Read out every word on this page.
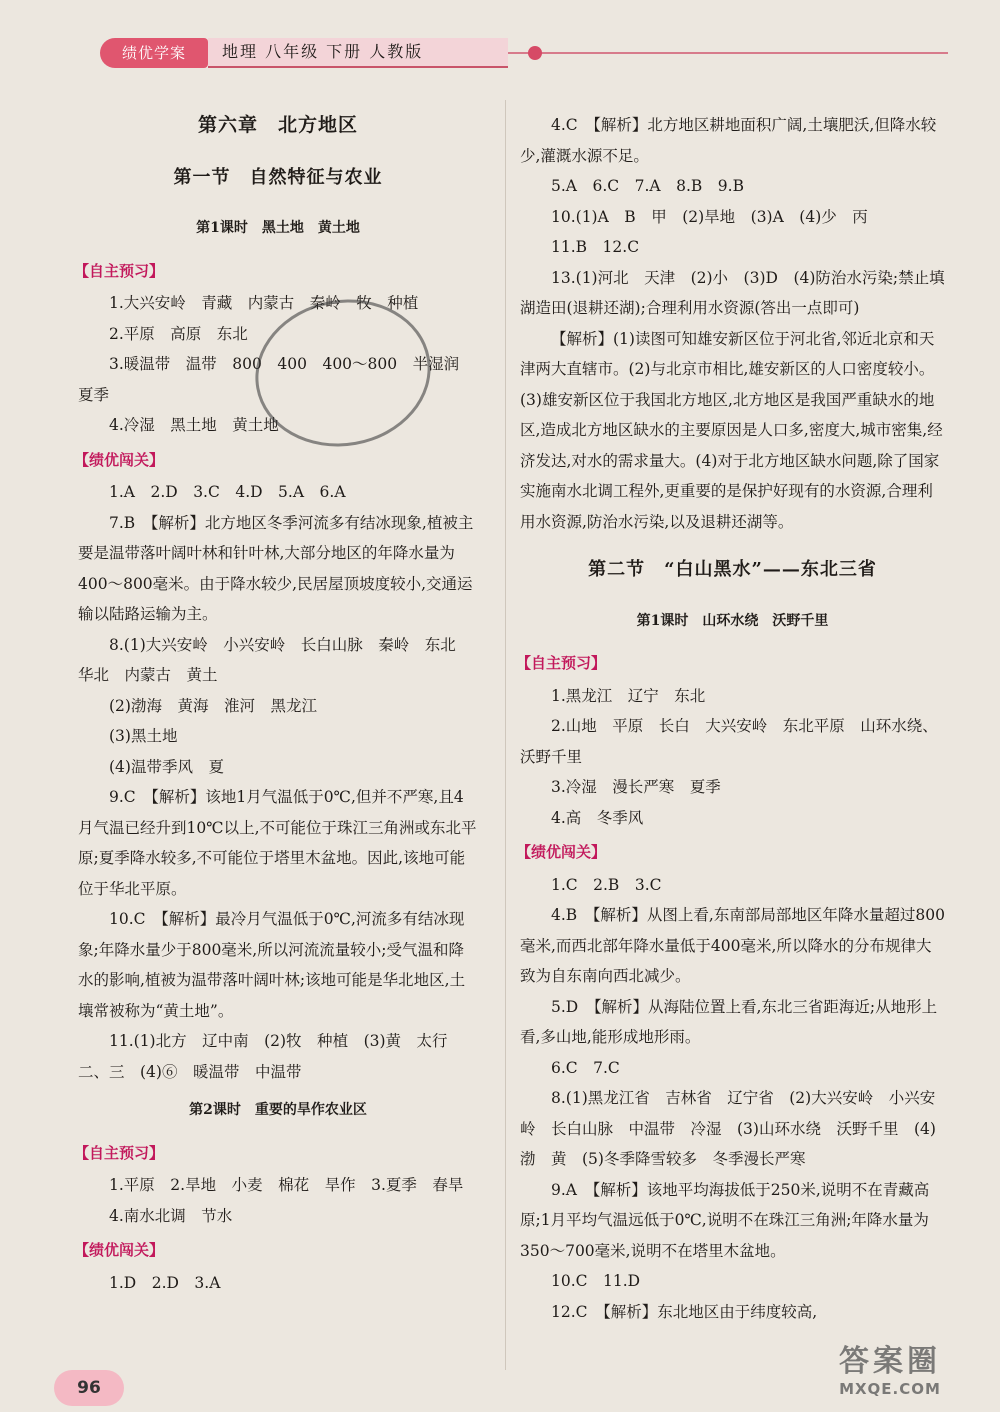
绩优学案	地理 八年级 下册 人教版
第六章　北方地区
第一节　自然特征与农业
第1课时　黑土地　黄土地
【自主预习】

1.大兴安岭　青藏　内蒙古　秦岭　牧　种植

2.平原　高原　东北

3.暖温带　温带　800　400　400～800　半湿润　夏季

4.冷湿　黑土地　黄土地

【绩优闯关】

1.A　2.D　3.C　4.D　5.A　6.A

7.B　【解析】北方地区冬季河流多有结冰现象,植被主要是温带落叶阔叶林和针叶林,大部分地区的年降水量为400～800毫米。由于降水较少,民居屋顶坡度较小,交通运输以陆路运输为主。

8.(1)大兴安岭　小兴安岭　长白山脉　秦岭　东北　华北　内蒙古　黄土

(2)渤海　黄海　淮河　黑龙江

(3)黑土地

(4)温带季风　夏

9.C　【解析】该地1月气温低于0℃,但并不严寒,且4月气温已经升到10℃以上,不可能位于珠江三角洲或东北平原;夏季降水较多,不可能位于塔里木盆地。因此,该地可能位于华北平原。

10.C　【解析】最冷月气温低于0℃,河流多有结冰现象;年降水量少于800毫米,所以河流流量较小;受气温和降水的影响,植被为温带落叶阔叶林;该地可能是华北地区,土壤常被称为“黄土地”。

11.(1)北方　辽中南　(2)牧　种植　(3)黄　太行　二、三　(4)⑥　暖温带　中温带

第2课时　重要的旱作农业区
【自主预习】

1.平原　2.旱地　小麦　棉花　旱作　3.夏季　春旱

4.南水北调　节水

【绩优闯关】

1.D　2.D　3.A

4.C　【解析】北方地区耕地面积广阔,土壤肥沃,但降水较少,灌溉水源不足。

5.A　6.C　7.A　8.B　9.B

10.(1)A　B　甲　(2)旱地　(3)A　(4)少　丙

11.B　12.C

13.(1)河北　天津　(2)小　(3)D　(4)防治水污染;禁止填湖造田(退耕还湖);合理利用水资源(答出一点即可)

【解析】(1)读图可知雄安新区位于河北省,邻近北京和天津两大直辖市。(2)与北京市相比,雄安新区的人口密度较小。(3)雄安新区位于我国北方地区,北方地区是我国严重缺水的地区,造成北方地区缺水的主要原因是人口多,密度大,城市密集,经济发达,对水的需求量大。(4)对于北方地区缺水问题,除了国家实施南水北调工程外,更重要的是保护好现有的水资源,合理利用水资源,防治水污染,以及退耕还湖等。

第二节　“白山黑水”——东北三省
第1课时　山环水绕　沃野千里
【自主预习】

1.黑龙江　辽宁　东北

2.山地　平原　长白　大兴安岭　东北平原　山环水绕、沃野千里

3.冷湿　漫长严寒　夏季

4.高　冬季风

【绩优闯关】

1.C　2.B　3.C

4.B　【解析】从图上看,东南部局部地区年降水量超过800毫米,而西北部年降水量低于400毫米,所以降水的分布规律大致为自东南向西北减少。

5.D　【解析】从海陆位置上看,东北三省距海近;从地形上看,多山地,能形成地形雨。

6.C　7.C

8.(1)黑龙江省　吉林省　辽宁省　(2)大兴安岭　小兴安岭　长白山脉　中温带　冷湿　(3)山环水绕　沃野千里　(4)渤　黄　(5)冬季降雪较多　冬季漫长严寒

9.A　【解析】该地平均海拔低于250米,说明不在青藏高原;1月平均气温远低于0℃,说明不在珠江三角洲;年降水量为350～700毫米,说明不在塔里木盆地。

10.C　11.D

12.C　【解析】东北地区由于纬度较高,

96
答案圈
MXQE.COM
